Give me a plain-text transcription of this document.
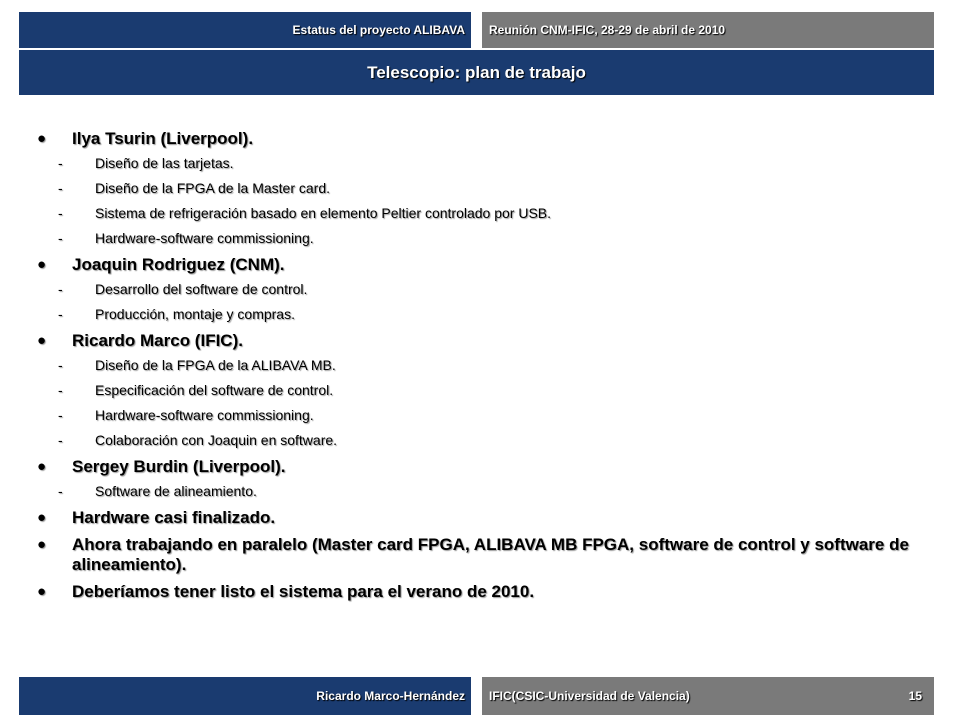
Estatus del proyecto ALIBAVA Reunión CNM-IFIC, 28-29 de abril de 2010
Telescopio: plan de trabajo
● Ilya Tsurin (Liverpool).
- Diseño de las tarjetas.
- Diseño de la FPGA de la Master card.
- Sistema de refrigeración basado en elemento Peltier controlado por USB.
- Hardware-software commissioning.
● Joaquin Rodriguez (CNM).
- Desarrollo del software de control.
- Producción, montaje y compras.
● Ricardo Marco (IFIC).
- Diseño de la FPGA de la ALIBAVA MB.
- Especificación del software de control.
- Hardware-software commissioning.
- Colaboración con Joaquin en software.
● Sergey Burdin (Liverpool).
- Software de alineamiento.
● Hardware casi finalizado.
● Ahora trabajando en paralelo (Master card FPGA, ALIBAVA MB FPGA, software de control y software de alineamiento).
● Deberíamos tener listo el sistema para el verano de 2010.
Ricardo Marco-Hernández IFIC(CSIC-Universidad de Valencia)	15
